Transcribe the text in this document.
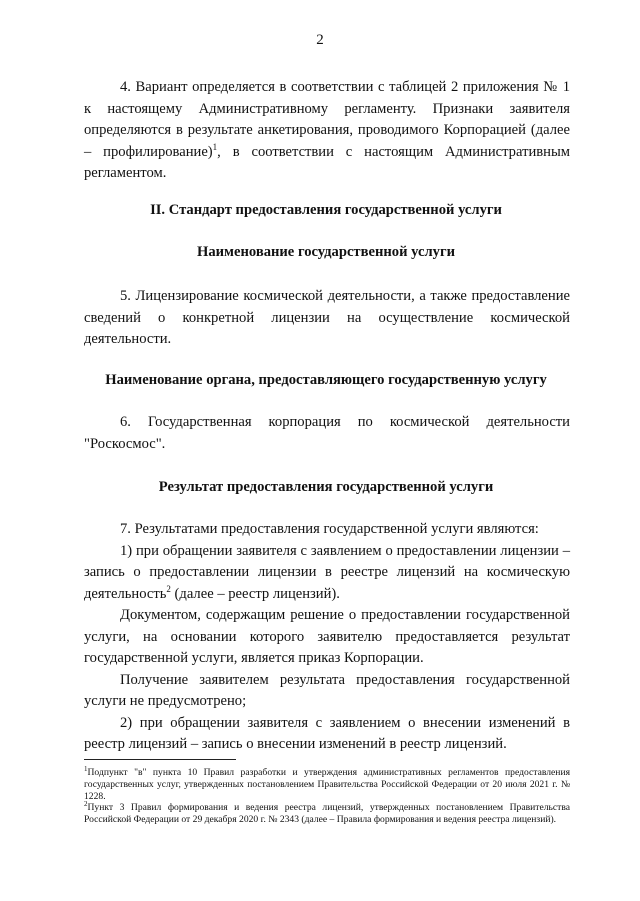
2

4. Вариант определяется в соответствии с таблицей 2 приложения № 1 к настоящему Административному регламенту. Признаки заявителя определяются в результате анкетирования, проводимого Корпорацией (далее – профилирование)$^1$, в соответствии с настоящим Административным регламентом.

II. Стандарт предоставления государственной услуги
Наименование государственной услуги

5. Лицензирование космической деятельности, а также предоставление сведений о конкретной лицензии на осуществление космической деятельности.

Наименование органа, предоставляющего государственную услугу

6. Государственная корпорация по космической деятельности "Роскосмос".

Результат предоставления государственной услуги

7. Результатами предоставления государственной услуги являются:

1) при обращении заявителя с заявлением о предоставлении лицензии – запись о предоставлении лицензии в реестре лицензий на космическую деятельность$^2$ (далее – реестр лицензий).

Документом, содержащим решение о предоставлении государственной услуги, на основании которого заявителю предоставляется результат государственной услуги, является приказ Корпорации.

Получение заявителем результата предоставления государственной услуги не предусмотрено;

2) при обращении заявителя с заявлением о внесении изменений в реестр лицензий – запись о внесении изменений в реестр лицензий.

$^1$Подпункт "в" пункта 10 Правил разработки и утверждения административных регламентов предоставления государственных услуг, утвержденных постановлением Правительства Российской Федерации от 20 июля 2021 г. № 1228.

$^2$Пункт 3 Правил формирования и ведения реестра лицензий, утвержденных постановлением Правительства Российской Федерации от 29 декабря 2020 г. № 2343 (далее – Правила формирования и ведения реестра лицензий).
